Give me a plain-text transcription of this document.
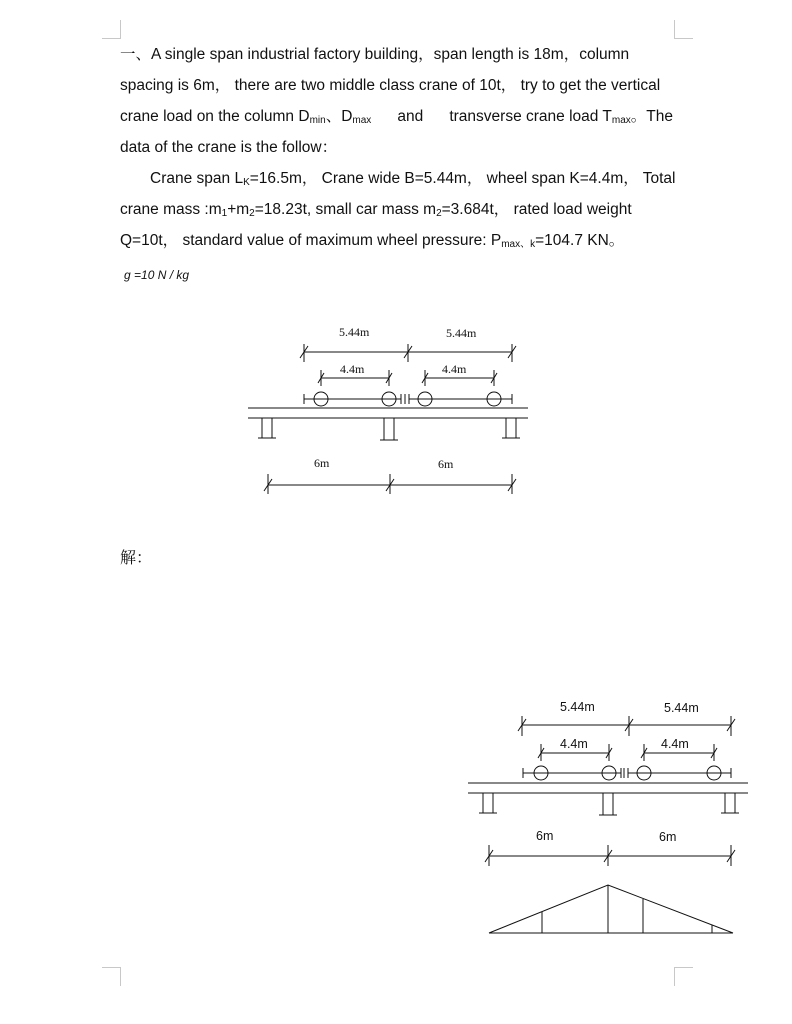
一、A single span industrial factory building，span length is 18m，column
spacing is 6m， there are two middle class crane of 10t， try to get the vertical
crane load on the column $D_{min}$、$D_{max}$ and transverse crane load $T_{max}$。The
data of the crane is the follow：
Crane span $L_K=16.5m$， Crane wide B=5.44m， wheel span K=4.4m， Total
crane mass $:m_1+m_2=18.23t$, small car mass $m_2=3.684t$， rated load weight
Q=10t， standard value of maximum wheel pressure: $P_{max、k}=104.7$ KN。
g =10 N / kg
5.44m	5.44m
4.4m	4.4m
6m	6m
解：
5.44m	5.44m
4.4m	4.4m
6m	6m
